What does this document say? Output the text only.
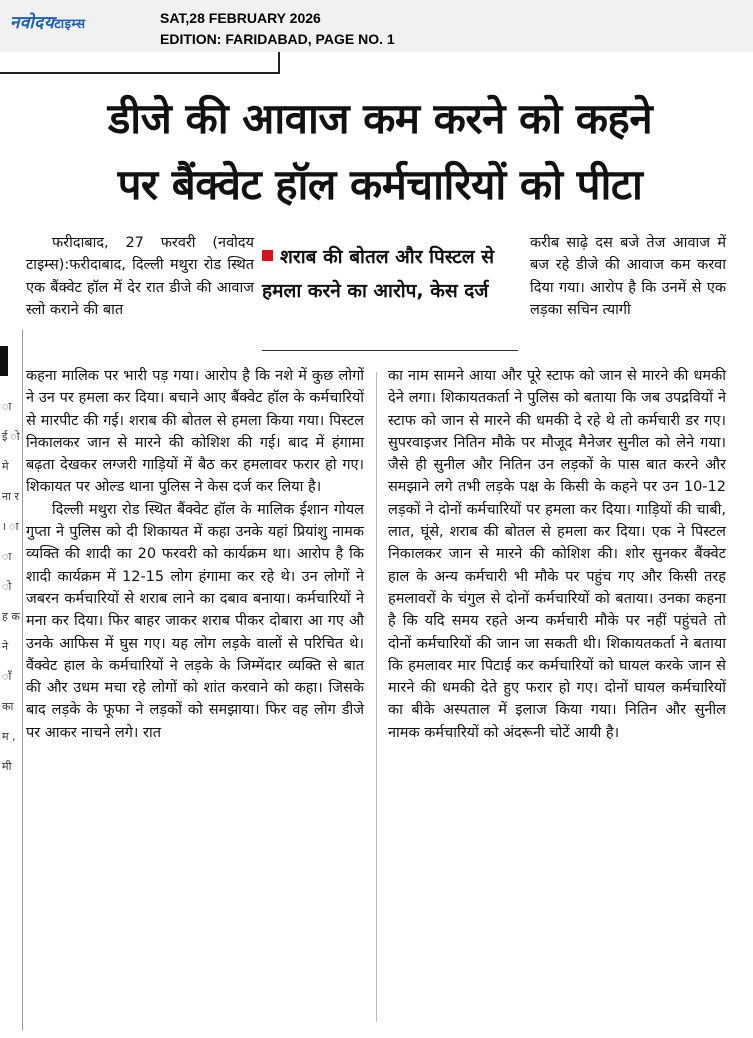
नवोदयटाइम्स	SAT,28 FEBRUARY 2026
EDITION: FARIDABAD, PAGE NO. 1
ा ई ो मे ना र । ा ा ो ह क ने ाँ का म , मी
डीजे की आवाज कम करने को कहने
पर बैंक्वेट हॉल कर्मचारियों को पीटा

फरीदाबाद, 27 फरवरी (नवोदय टाइम्स):फरीदाबाद, दिल्ली मथुरा रोड स्थित एक बैंक्वेट हॉल में देर रात डीजे की आवाज स्लो कराने की बात

शराब की बोतल और पिस्टल से हमला करने का आरोप, केस दर्ज

करीब साढ़े दस बजे तेज आवाज में बज रहे डीजे की आवाज कम करवा दिया गया। आरोप है कि उनमें से एक लड़का सचिन त्यागी

कहना मालिक पर भारी पड़ गया। आरोप है कि नशे में कुछ लोगों ने उन पर हमला कर दिया। बचाने आए बैंक्वेट हॉल के कर्मचारियों से मारपीट की गई। शराब की बोतल से हमला किया गया। पिस्टल निकालकर जान से मारने की कोशिश की गई। बाद में हंगामा बढ़ता देखकर लग्जरी गाड़ियों में बैठ कर हमलावर फरार हो गए। शिकायत पर ओल्ड थाना पुलिस ने केस दर्ज कर लिया है।

दिल्ली मथुरा रोड स्थित बैंक्वेट हॉल के मालिक ईशान गोयल गुप्ता ने पुलिस को दी शिकायत में कहा उनके यहां प्रियांशु नामक व्यक्ति की शादी का 20 फरवरी को कार्यक्रम था। आरोप है कि शादी कार्यक्रम में 12-15 लोग हंगामा कर रहे थे। उन लोगों ने जबरन कर्मचारियों से शराब लाने का दबाव बनाया। कर्मचारियों ने मना कर दिया। फिर बाहर जाकर शराब पीकर दोबारा आ गए औ उनके आफिस में घुस गए। यह लोग लड़के वालों से परिचित थे। वैंक्वेट हाल के कर्मचारियों ने लड़के के जिम्मेंदार व्यक्ति से बात की और उधम मचा रहे लोगों को शांत करवाने को कहा। जिसके बाद लड़के के फूफा ने लड़कों को समझाया। फिर वह लोग डीजे पर आकर नाचने लगे। रात

का नाम सामने आया और पूरे स्टाफ को जान से मारने की धमकी देने लगा। शिकायतकर्ता ने पुलिस को बताया कि जब उपद्रवियों ने स्टाफ को जान से मारने की धमकी दे रहे थे तो कर्मचारी डर गए। सुपरवाइजर नितिन मौके पर मौजूद मैनेजर सुनील को लेने गया। जैसे ही सुनील और नितिन उन लड़कों के पास बात करने और समझाने लगे तभी लड़के पक्ष के किसी के कहने पर उन 10-12 लड़कों ने दोनों कर्मचारियों पर हमला कर दिया। गाड़ियों की चाबी, लात, घूंसे, शराब की बोतल से हमला कर दिया। एक ने पिस्टल निकालकर जान से मारने की कोशिश की। शोर सुनकर बैंक्वेट हाल के अन्य कर्मचारी भी मौके पर पहुंच गए और किसी तरह हमलावरों के चंगुल से दोनों कर्मचारियों को बताया। उनका कहना है कि यदि समय रहते अन्य कर्मचारी मौके पर नहीं पहुंचते तो दोनों कर्मचारियों की जान जा सकती थी। शिकायतकर्ता ने बताया कि हमलावर मार पिटाई कर कर्मचारियों को घायल करके जान से मारने की धमकी देते हुए फरार हो गए। दोनों घायल कर्मचारियों का बीके अस्पताल में इलाज किया गया। नितिन और सुनील नामक कर्मचारियों को अंदरूनी चोटें आयी है।
